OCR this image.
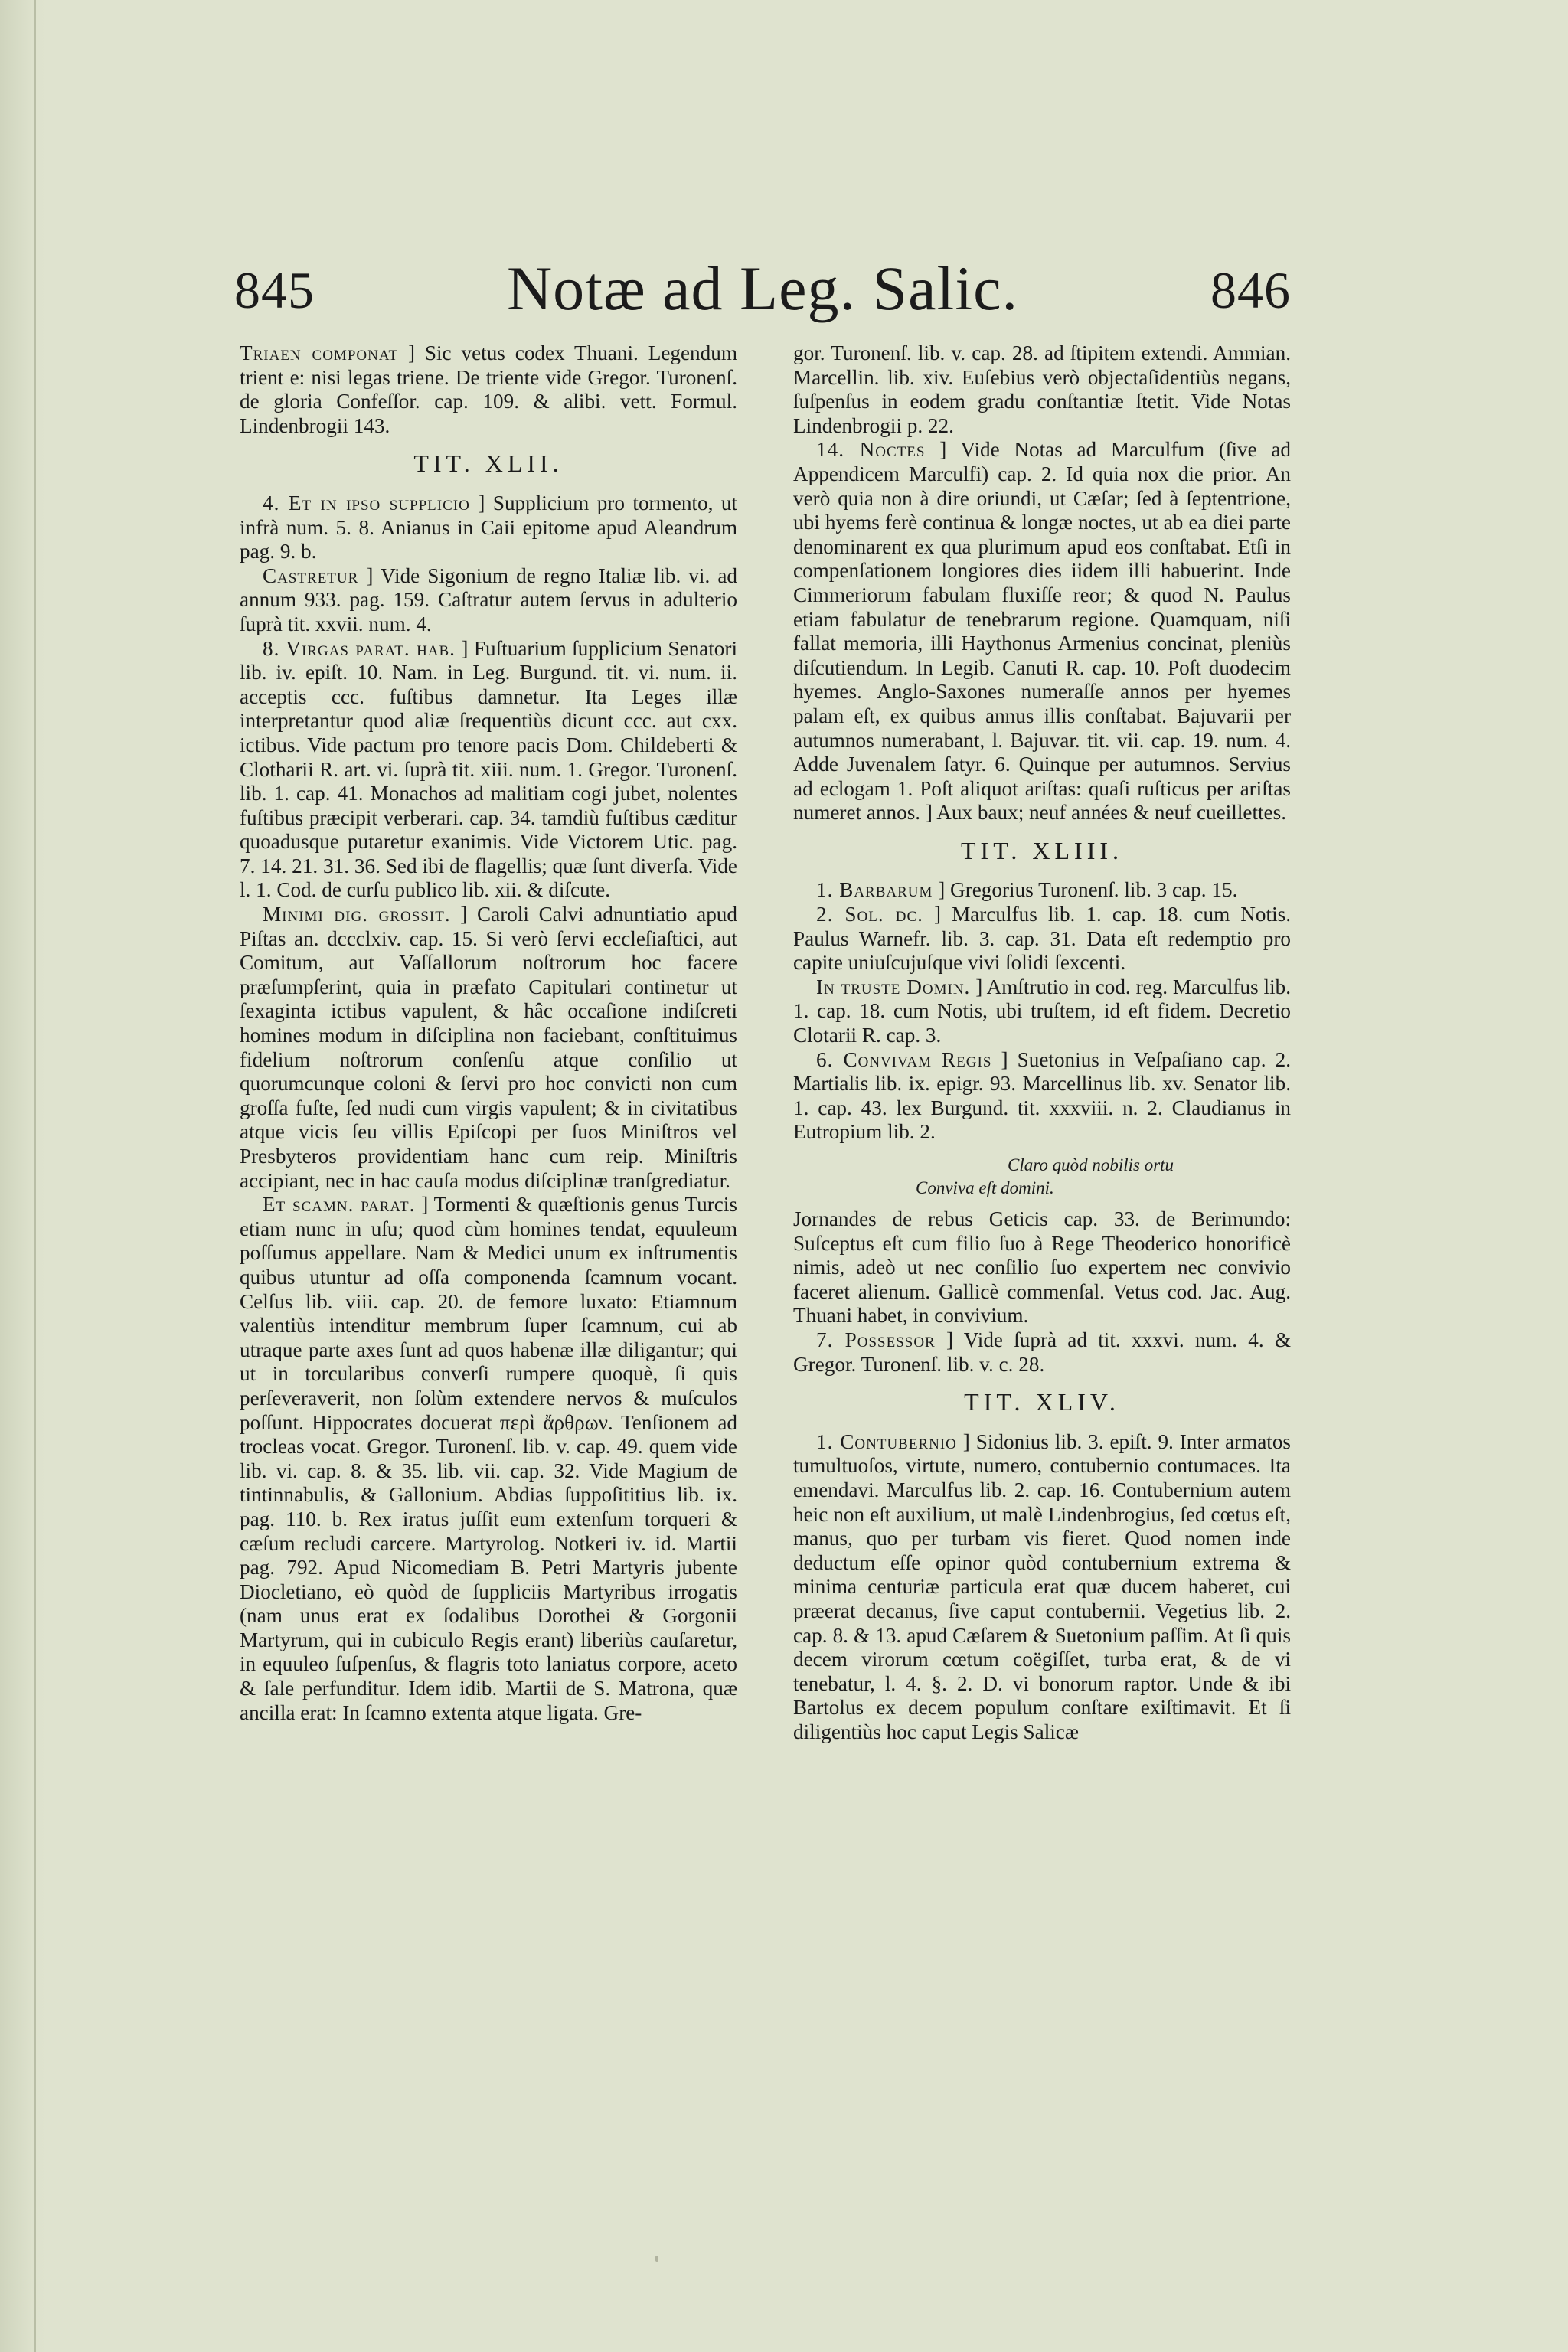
845	Notæ ad Leg. Salic.	846

Triaen componat ] Sic vetus codex Thuani. Legendum trient e: nisi legas triene. De triente vide Gregor. Turonenſ. de gloria Confeſſor. cap. 109. & alibi. vett. Formul. Lindenbrogii 143.

TIT. XLII.

4. Et in ipso supplicio ] Supplicium pro tormento, ut infrà num. 5. 8. Anianus in Caii epitome apud Aleandrum pag. 9. b.

Castretur ] Vide Sigonium de regno Italiæ lib. vi. ad annum 933. pag. 159. Caſtratur autem ſervus in adulterio ſuprà tit. xxvii. num. 4.

8. Virgas parat. hab. ] Fuſtuarium ſupplicium Senatori lib. iv. epiſt. 10. Nam. in Leg. Burgund. tit. vi. num. ii. acceptis ccc. fuſtibus damnetur. Ita Leges illæ interpretantur quod aliæ ſrequentiùs dicunt ccc. aut cxx. ictibus. Vide pactum pro tenore pacis Dom. Childeberti & Clotharii R. art. vi. ſuprà tit. xiii. num. 1. Gregor. Turonenſ. lib. 1. cap. 41. Monachos ad malitiam cogi jubet, nolentes fuſtibus præcipit verberari. cap. 34. tamdiù fuſtibus cæditur quoadusque putaretur exanimis. Vide Victorem Utic. pag. 7. 14. 21. 31. 36. Sed ibi de flagellis; quæ ſunt diverſa. Vide l. 1. Cod. de curſu publico lib. xii. & diſcute.

Minimi dig. grossit. ] Caroli Calvi adnuntiatio apud Piſtas an. dccclxiv. cap. 15. Si verò ſervi eccleſiaſtici, aut Comitum, aut Vaſſallorum noſtrorum hoc facere præſumpſerint, quia in præfato Capitulari continetur ut ſexaginta ictibus vapulent, & hâc occaſione indiſcreti homines modum in diſciplina non faciebant, conſtituimus fidelium noſtrorum conſenſu atque conſilio ut quorumcunque coloni & ſervi pro hoc convicti non cum groſſa fuſte, ſed nudi cum virgis vapulent; & in civitatibus atque vicis ſeu villis Epiſcopi per ſuos Miniſtros vel Presbyteros providentiam hanc cum reip. Miniſtris accipiant, nec in hac cauſa modus diſciplinæ tranſgrediatur.

Et scamn. parat. ] Tormenti & quæſtionis genus Turcis etiam nunc in uſu; quod cùm homines tendat, equuleum poſſumus appellare. Nam & Medici unum ex inſtrumentis quibus utuntur ad oſſa componenda ſcamnum vocant. Celſus lib. viii. cap. 20. de femore luxato: Etiamnum valentiùs intenditur membrum ſuper ſcamnum, cui ab utraque parte axes ſunt ad quos habenæ illæ diligantur; qui ut in torcularibus converſi rumpere quoquè, ſi quis perſeveraverit, non ſolùm extendere nervos & muſculos poſſunt. Hippocrates docuerat περὶ ἄρθρων. Tenſionem ad trocleas vocat. Gregor. Turonenſ. lib. v. cap. 49. quem vide lib. vi. cap. 8. & 35. lib. vii. cap. 32. Vide Magium de tintinnabulis, & Gallonium. Abdias ſuppoſititius lib. ix. pag. 110. b. Rex iratus juſſit eum extenſum torqueri & cæſum recludi carcere. Martyrolog. Notkeri iv. id. Martii pag. 792. Apud Nicomediam B. Petri Martyris jubente Diocletiano, eò quòd de ſuppliciis Martyribus irrogatis (nam unus erat ex ſodalibus Dorothei & Gorgonii Martyrum, qui in cubiculo Regis erant) liberiùs cauſaretur, in equuleo ſuſpenſus, & flagris toto laniatus corpore, aceto & ſale perfunditur. Idem idib. Martii de S. Matrona, quæ ancilla erat: In ſcamno extenta atque ligata. Gre-

gor. Turonenſ. lib. v. cap. 28. ad ſtipitem extendi. Ammian. Marcellin. lib. xiv. Euſebius verò objectaſidentiùs negans, ſuſpenſus in eodem gradu conſtantiæ ſtetit. Vide Notas Lindenbrogii p. 22.

14. Noctes ] Vide Notas ad Marculfum (ſive ad Appendicem Marculfi) cap. 2. Id quia nox die prior. An verò quia non à dire oriundi, ut Cæſar; ſed à ſeptentrione, ubi hyems ferè continua & longæ noctes, ut ab ea diei parte denominarent ex qua plurimum apud eos conſtabat. Etſi in compenſationem longiores dies iidem illi habuerint. Inde Cimmeriorum fabulam fluxiſſe reor; & quod N. Paulus etiam fabulatur de tenebrarum regione. Quamquam, niſi fallat memoria, illi Haythonus Armenius concinat, pleniùs diſcutiendum. In Legib. Canuti R. cap. 10. Poſt duodecim hyemes. Anglo-Saxones numeraſſe annos per hyemes palam eſt, ex quibus annus illis conſtabat. Bajuvarii per autumnos numerabant, l. Bajuvar. tit. vii. cap. 19. num. 4. Adde Juvenalem ſatyr. 6. Quinque per autumnos. Servius ad eclogam 1. Poſt aliquot ariſtas: quaſi ruſticus per ariſtas numeret annos. ] Aux baux; neuf années & neuf cueillettes.

TIT. XLIII.

1. Barbarum ] Gregorius Turonenſ. lib. 3 cap. 15.

2. Sol. dc. ] Marculfus lib. 1. cap. 18. cum Notis. Paulus Warnefr. lib. 3. cap. 31. Data eſt redemptio pro capite uniuſcujuſque vivi ſolidi ſexcenti.

In truste Domin. ] Amſtrutio in cod. reg. Marculfus lib. 1. cap. 18. cum Notis, ubi truſtem, id eſt fidem. Decretio Clotarii R. cap. 3.

6. Convivam Regis ] Suetonius in Veſpaſiano cap. 2. Martialis lib. ix. epigr. 93. Marcellinus lib. xv. Senator lib. 1. cap. 43. lex Burgund. tit. xxxviii. n. 2. Claudianus in Eutropium lib. 2.

Claro quòd nobilis ortu
Conviva eſt domini.

Jornandes de rebus Geticis cap. 33. de Berimundo: Suſceptus eſt cum filio ſuo à Rege Theoderico honorificè nimis, adeò ut nec conſilio ſuo expertem nec convivio faceret alienum. Gallicè commenſal. Vetus cod. Jac. Aug. Thuani habet, in convivium.

7. Possessor ] Vide ſuprà ad tit. xxxvi. num. 4. & Gregor. Turonenſ. lib. v. c. 28.

TIT. XLIV.

1. Contubernio ] Sidonius lib. 3. epiſt. 9. Inter armatos tumultuoſos, virtute, numero, contubernio contumaces. Ita emendavi. Marculfus lib. 2. cap. 16. Contubernium autem heic non eſt auxilium, ut malè Lindenbrogius, ſed cœtus eſt, manus, quo per turbam vis fieret. Quod nomen inde deductum eſſe opinor quòd contubernium extrema & minima centuriæ particula erat quæ ducem haberet, cui præerat decanus, ſive caput contubernii. Vegetius lib. 2. cap. 8. & 13. apud Cæſarem & Suetonium paſſim. At ſi quis decem virorum cœtum coëgiſſet, turba erat, & de vi tenebatur, l. 4. §. 2. D. vi bonorum raptor. Unde & ibi Bartolus ex decem populum conſtare exiſtimavit. Et ſi diligentiùs hoc caput Legis Salicæ
